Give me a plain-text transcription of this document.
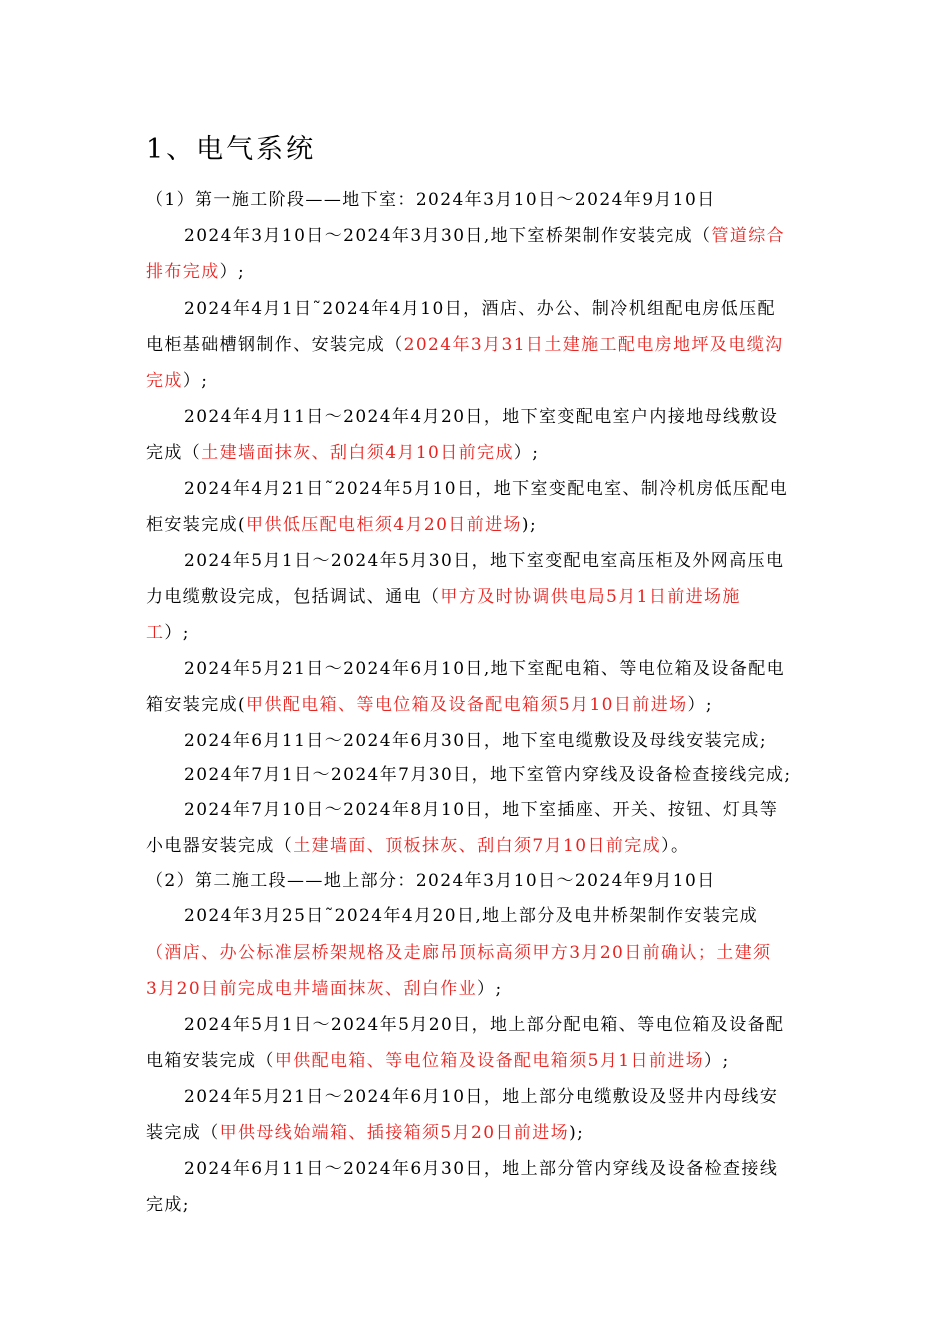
1、电气系统
（1）第一施工阶段——地下室：2024年3月10日～2024年9月10日
2024年3月10日～2024年3月30日,地下室桥架制作安装完成（管道综合
排布完成）;
2024年4月1日˜2024年4月10日，酒店、办公、制冷机组配电房低压配
电柜基础槽钢制作、安装完成（2024年3月31日土建施工配电房地坪及电缆沟
完成）;
2024年4月11日～2024年4月20日，地下室变配电室户内接地母线敷设
完成（土建墙面抹灰、刮白须4月10日前完成）;
2024年4月21日˜2024年5月10日，地下室变配电室、制冷机房低压配电
柜安装完成(甲供低压配电柜须4月20日前进场);
2024年5月1日～2024年5月30日，地下室变配电室高压柜及外网高压电
力电缆敷设完成，包括调试、通电（甲方及时协调供电局5月1日前进场施
工）;
2024年5月21日～2024年6月10日,地下室配电箱、等电位箱及设备配电
箱安装完成(甲供配电箱、等电位箱及设备配电箱须5月10日前进场）;
2024年6月11日～2024年6月30日，地下室电缆敷设及母线安装完成;
2024年7月1日～2024年7月30日，地下室管内穿线及设备检查接线完成;
2024年7月10日～2024年8月10日，地下室插座、开关、按钮、灯具等
小电器安装完成（土建墙面、顶板抹灰、刮白须7月10日前完成）。
（2）第二施工段——地上部分：2024年3月10日～2024年9月10日
2024年3月25日˜2024年4月20日,地上部分及电井桥架制作安装完成
（酒店、办公标准层桥架规格及走廊吊顶标高须甲方3月20日前确认；土建须
3月20日前完成电井墙面抹灰、刮白作业）;
2024年5月1日～2024年5月20日，地上部分配电箱、等电位箱及设备配
电箱安装完成（甲供配电箱、等电位箱及设备配电箱须5月1日前进场）;
2024年5月21日～2024年6月10日，地上部分电缆敷设及竖井内母线安
装完成（甲供母线始端箱、插接箱须5月20日前进场);
2024年6月11日～2024年6月30日，地上部分管内穿线及设备检查接线
完成;
